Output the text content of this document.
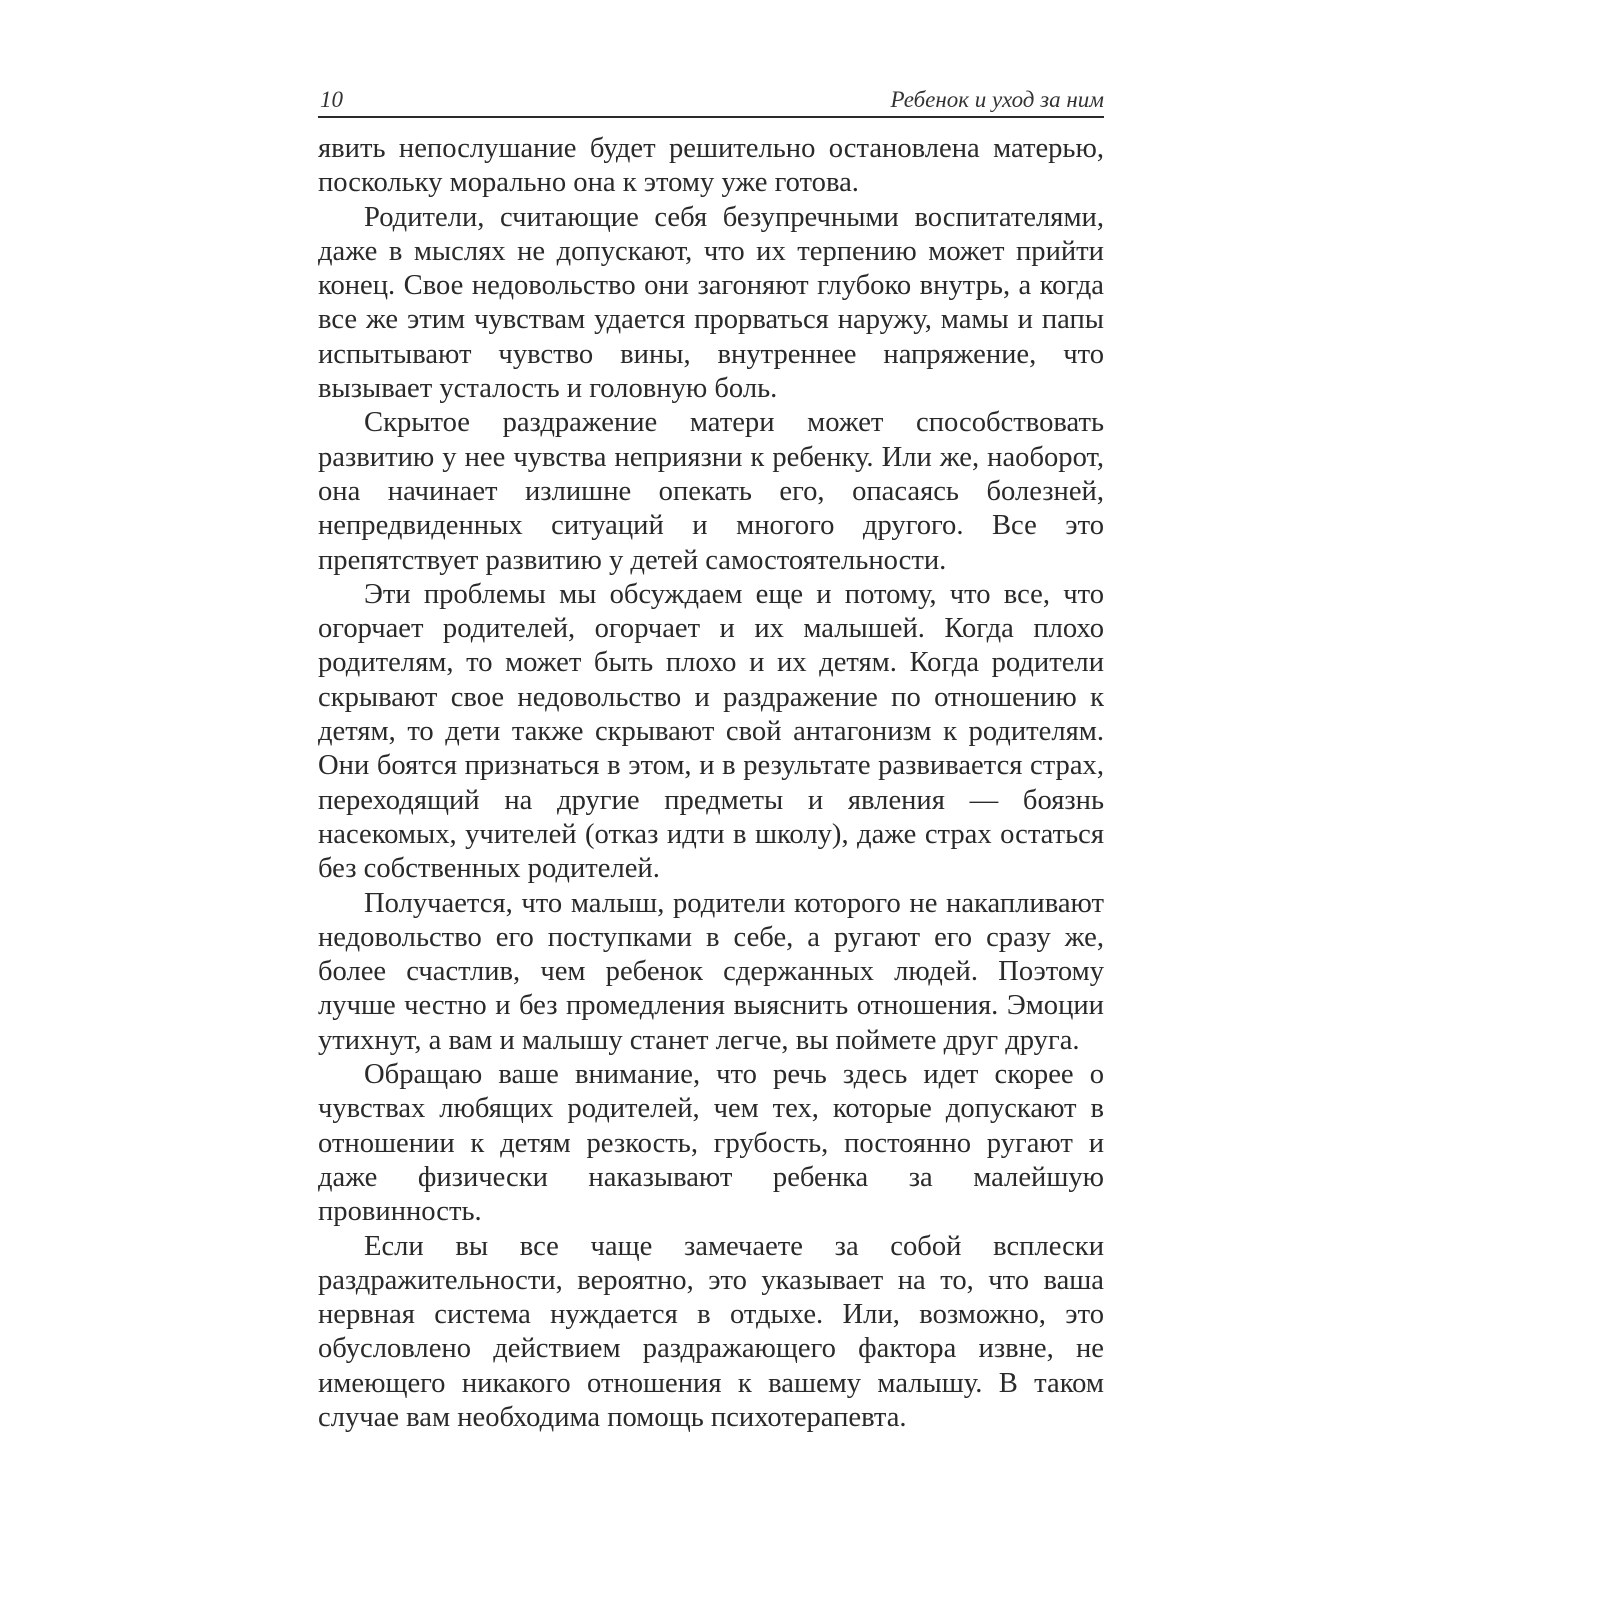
10	Ребенок и уход за ним

явить непослушание будет решительно остановлена матерью, поскольку морально она к этому уже готова.

Родители, считающие себя безупречными воспитателями, даже в мыслях не допускают, что их терпению может прийти конец. Свое недовольство они загоняют глубоко внутрь, а когда все же этим чувствам удается прорваться наружу, мамы и папы испытывают чувство вины, внутреннее напряжение, что вызывает усталость и головную боль.

Скрытое раздражение матери может способствовать развитию у нее чувства неприязни к ребенку. Или же, наоборот, она начинает излишне опекать его, опасаясь болезней, непредвиденных ситуаций и многого другого. Все это препятствует развитию у детей самостоятельности.

Эти проблемы мы обсуждаем еще и потому, что все, что огорчает родителей, огорчает и их малышей. Когда плохо родителям, то может быть плохо и их детям. Когда родители скрывают свое недовольство и раздражение по отношению к детям, то дети также скрывают свой антагонизм к родителям. Они боятся признаться в этом, и в результате развивается страх, переходящий на другие предметы и явления — боязнь насекомых, учителей (отказ идти в школу), даже страх остаться без собственных родителей.

Получается, что малыш, родители которого не накапливают недовольство его поступками в себе, а ругают его сразу же, более счастлив, чем ребенок сдержанных людей. Поэтому лучше честно и без промедления выяснить отношения. Эмоции утихнут, а вам и малышу станет легче, вы поймете друг друга.

Обращаю ваше внимание, что речь здесь идет скорее о чувствах любящих родителей, чем тех, которые допускают в отношении к детям резкость, грубость, постоянно ругают и даже физически наказывают ребенка за малейшую провинность.

Если вы все чаще замечаете за собой всплески раздражительности, вероятно, это указывает на то, что ваша нервная система нуждается в отдыхе. Или, возможно, это обусловлено действием раздражающего фактора извне, не имеющего никакого отношения к вашему малышу. В таком случае вам необходима помощь психотерапевта.
